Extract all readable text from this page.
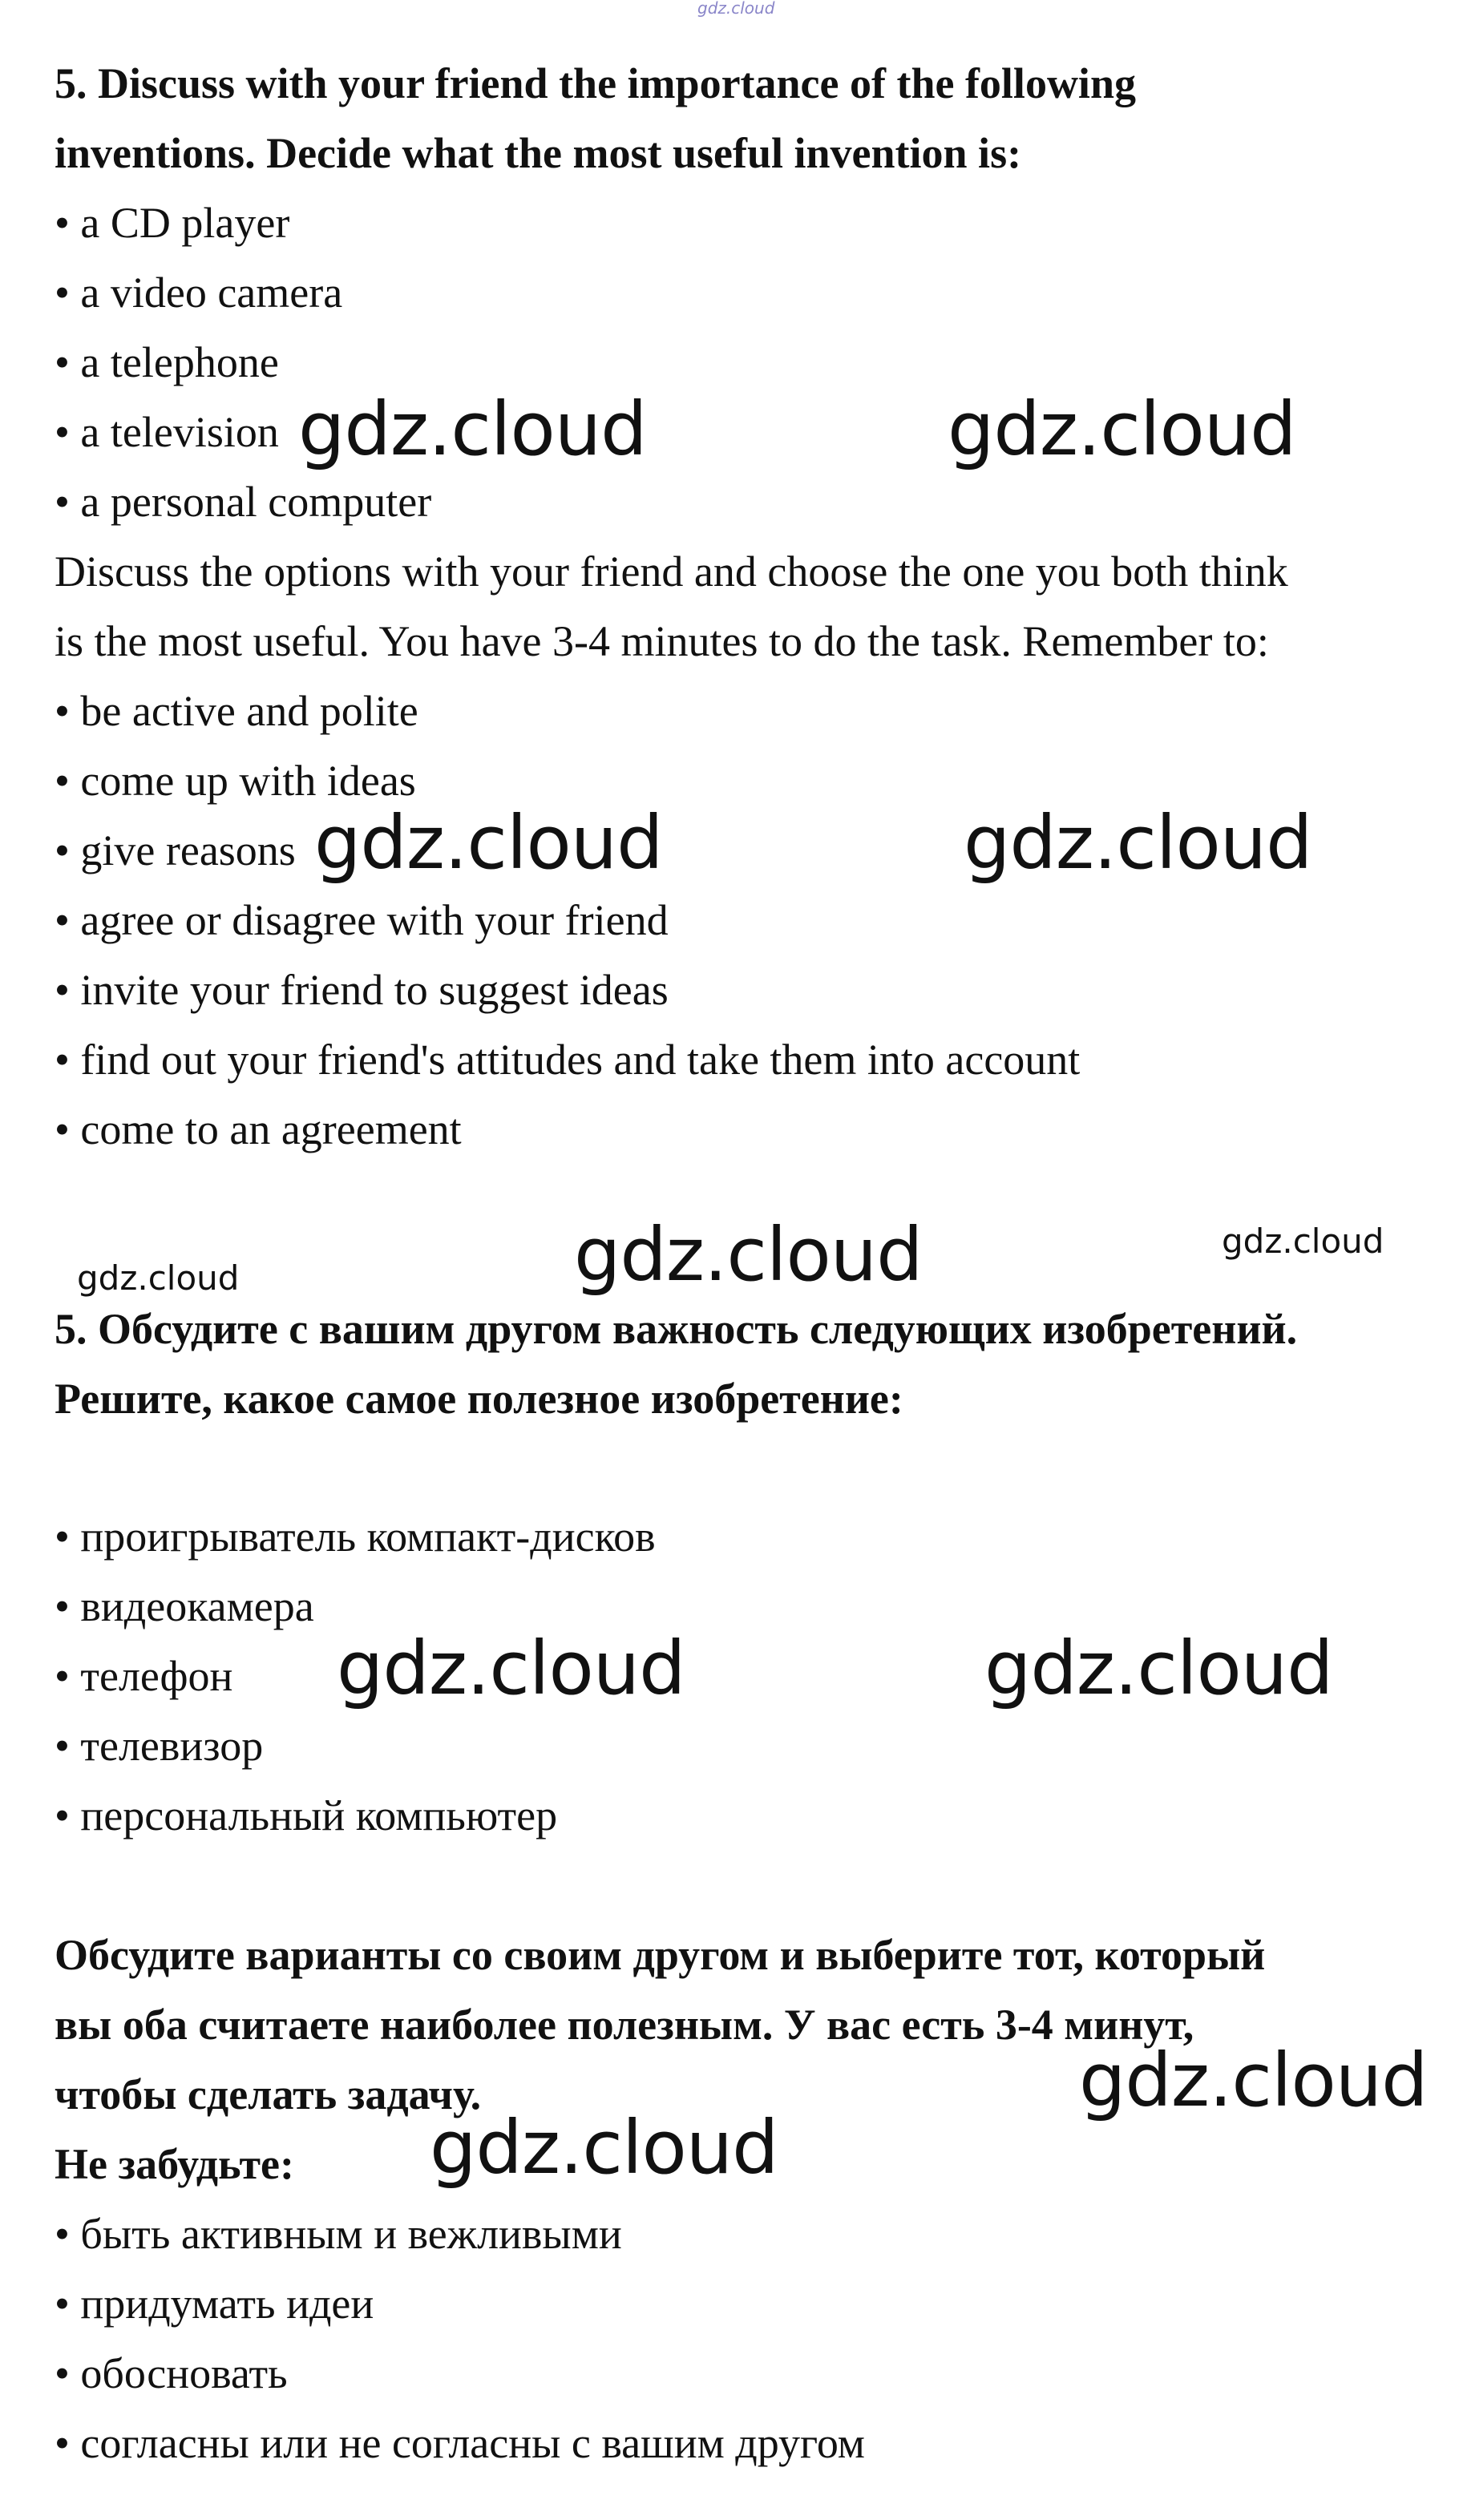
gdz.cloud
5. Discuss with your friend the importance of the following
inventions. Decide what the most useful invention is:
• a CD player
• a video camera
• a telephone
• a television
• a personal computer
Discuss the options with your friend and choose the one you both think
is the most useful. You have 3-4 minutes to do the task. Remember to:
• be active and polite
• come up with ideas
• give reasons
• agree or disagree with your friend
• invite your friend to suggest ideas
• find out your friend's attitudes and take them into account
• come to an agreement
5. Обсудите с вашим другом важность следующих изобретений.
Решите, какое самое полезное изобретение:
• проигрыватель компакт-дисков
• видеокамера
• телефон
• телевизор
• персональный компьютер
Обсудите варианты со своим другом и выберите тот, который
вы оба считаете наиболее полезным. У вас есть 3-4 минут,
чтобы сделать задачу.
Не забудьте:
• быть активным и вежливыми
• придумать идеи
• обосновать
• согласны или не согласны с вашим другом
gdz.cloud	gdz.cloud
gdz.cloud	gdz.cloud
gdz.cloud	gdz.cloud	gdz.cloud
gdz.cloud	gdz.cloud
gdz.cloud
gdz.cloud
